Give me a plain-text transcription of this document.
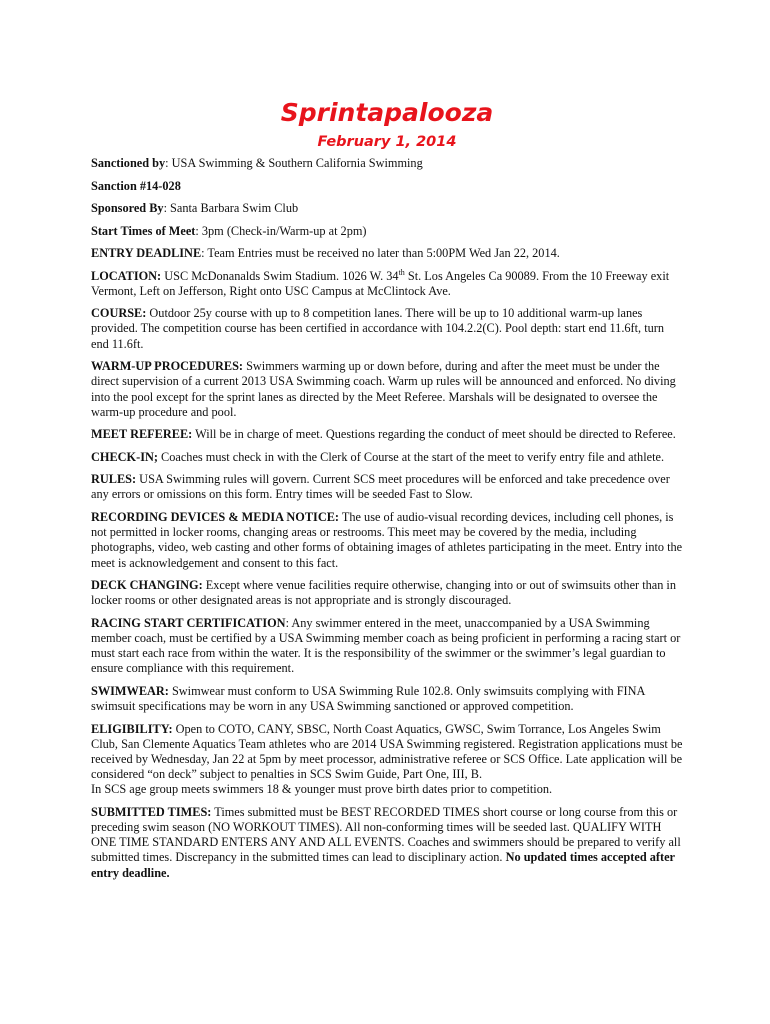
Sprintapalooza
February 1, 2014

Sanctioned by: USA Swimming & Southern California Swimming

Sanction #14-028

Sponsored By: Santa Barbara Swim Club

Start Times of Meet: 3pm (Check-in/Warm-up at 2pm)

ENTRY DEADLINE: Team Entries must be received no later than 5:00PM Wed Jan 22, 2014.

LOCATION: USC McDonanalds Swim Stadium. 1026 W. 34th St. Los Angeles Ca 90089. From the 10 Freeway exit Vermont, Left on Jefferson, Right onto USC Campus at McClintock Ave.

COURSE: Outdoor 25y course with up to 8 competition lanes. There will be up to 10 additional warm-up lanes provided. The competition course has been certified in accordance with 104.2.2(C). Pool depth: start end 11.6ft, turn end 11.6ft.

WARM-UP PROCEDURES: Swimmers warming up or down before, during and after the meet must be under the direct supervision of a current 2013 USA Swimming coach. Warm up rules will be announced and enforced. No diving into the pool except for the sprint lanes as directed by the Meet Referee. Marshals will be designated to oversee the warm-up procedure and pool.

MEET REFEREE: Will be in charge of meet. Questions regarding the conduct of meet should be directed to Referee.

CHECK-IN; Coaches must check in with the Clerk of Course at the start of the meet to verify entry file and athlete.

RULES: USA Swimming rules will govern. Current SCS meet procedures will be enforced and take precedence over any errors or omissions on this form. Entry times will be seeded Fast to Slow.

RECORDING DEVICES & MEDIA NOTICE: The use of audio-visual recording devices, including cell phones, is not permitted in locker rooms, changing areas or restrooms. This meet may be covered by the media, including photographs, video, web casting and other forms of obtaining images of athletes participating in the meet. Entry into the meet is acknowledgement and consent to this fact.

DECK CHANGING: Except where venue facilities require otherwise, changing into or out of swimsuits other than in locker rooms or other designated areas is not appropriate and is strongly discouraged.

RACING START CERTIFICATION: Any swimmer entered in the meet, unaccompanied by a USA Swimming member coach, must be certified by a USA Swimming member coach as being proficient in performing a racing start or must start each race from within the water. It is the responsibility of the swimmer or the swimmer’s legal guardian to ensure compliance with this requirement.

SWIMWEAR: Swimwear must conform to USA Swimming Rule 102.8. Only swimsuits complying with FINA swimsuit specifications may be worn in any USA Swimming sanctioned or approved competition.

ELIGIBILITY: Open to COTO, CANY, SBSC, North Coast Aquatics, GWSC, Swim Torrance, Los Angeles Swim Club, San Clemente Aquatics Team athletes who are 2014 USA Swimming registered. Registration applications must be received by Wednesday, Jan 22 at 5pm by meet processor, administrative referee or SCS Office. Late application will be considered “on deck” subject to penalties in SCS Swim Guide, Part One, III, B.
In SCS age group meets swimmers 18 & younger must prove birth dates prior to competition.

SUBMITTED TIMES: Times submitted must be BEST RECORDED TIMES short course or long course from this or preceding swim season (NO WORKOUT TIMES). All non-conforming times will be seeded last. QUALIFY WITH ONE TIME STANDARD ENTERS ANY AND ALL EVENTS. Coaches and swimmers should be prepared to verify all submitted times. Discrepancy in the submitted times can lead to disciplinary action. No updated times accepted after entry deadline.
